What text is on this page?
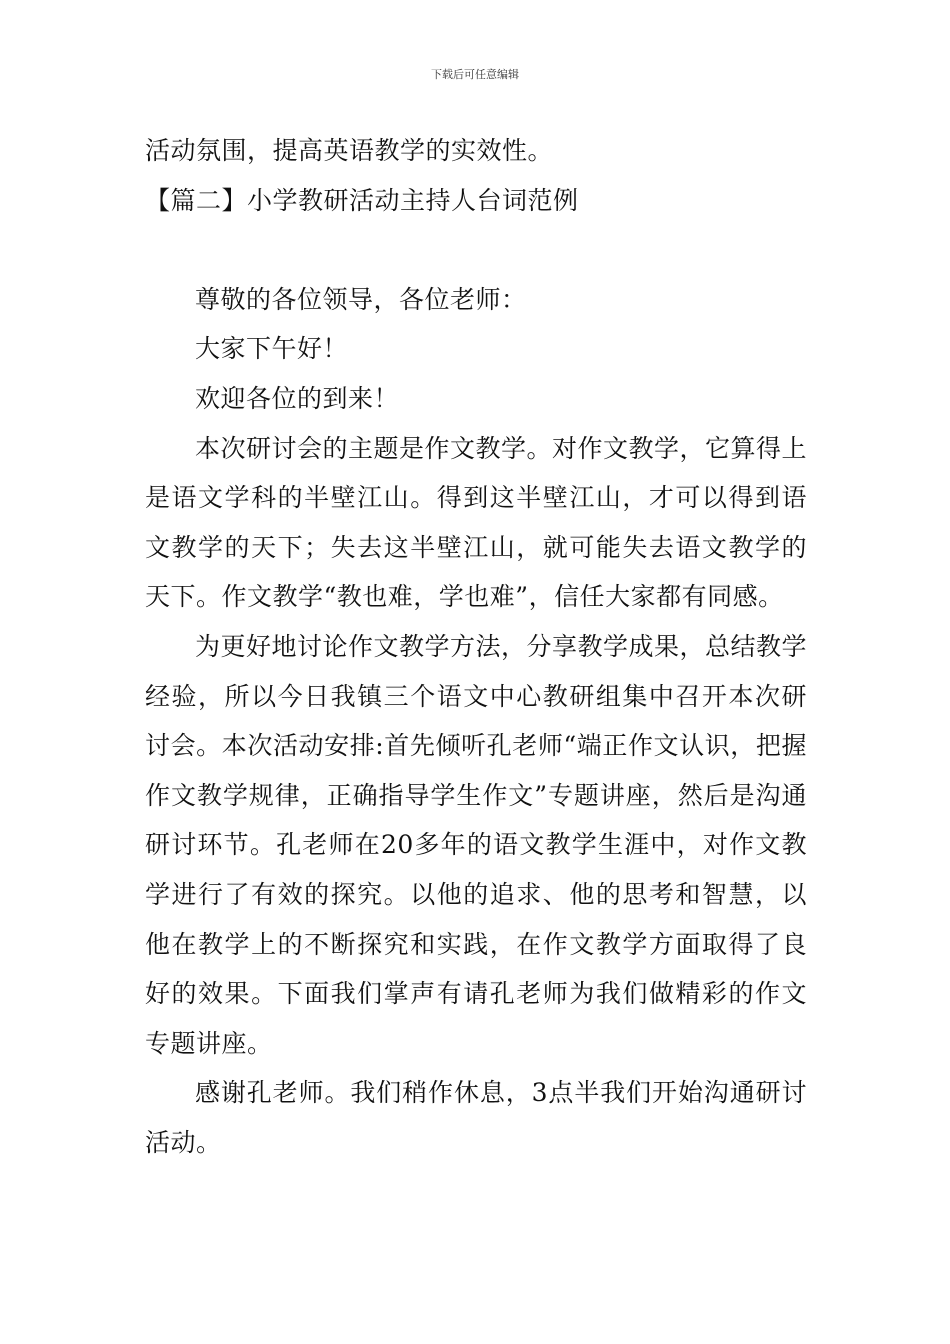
下载后可任意编辑

活动氛围，提高英语教学的实效性。

【篇二】小学教研活动主持人台词范例

尊敬的各位领导，各位老师：

大家下午好！

欢迎各位的到来！

本次研讨会的主题是作文教学。对作文教学，它算得上是语文学科的半壁江山。得到这半壁江山，才可以得到语文教学的天下；失去这半壁江山，就可能失去语文教学的天下。作文教学“教也难，学也难”，信任大家都有同感。

为更好地讨论作文教学方法，分享教学成果，总结教学经验，所以今日我镇三个语文中心教研组集中召开本次研讨会。本次活动安排:首先倾听孔老师“端正作文认识，把握作文教学规律，正确指导学生作文”专题讲座，然后是沟通研讨环节。孔老师在20多年的语文教学生涯中，对作文教学进行了有效的探究。以他的追求、他的思考和智慧，以他在教学上的不断探究和实践，在作文教学方面取得了良好的效果。下面我们掌声有请孔老师为我们做精彩的作文专题讲座。

感谢孔老师。我们稍作休息，3点半我们开始沟通研讨活动。
